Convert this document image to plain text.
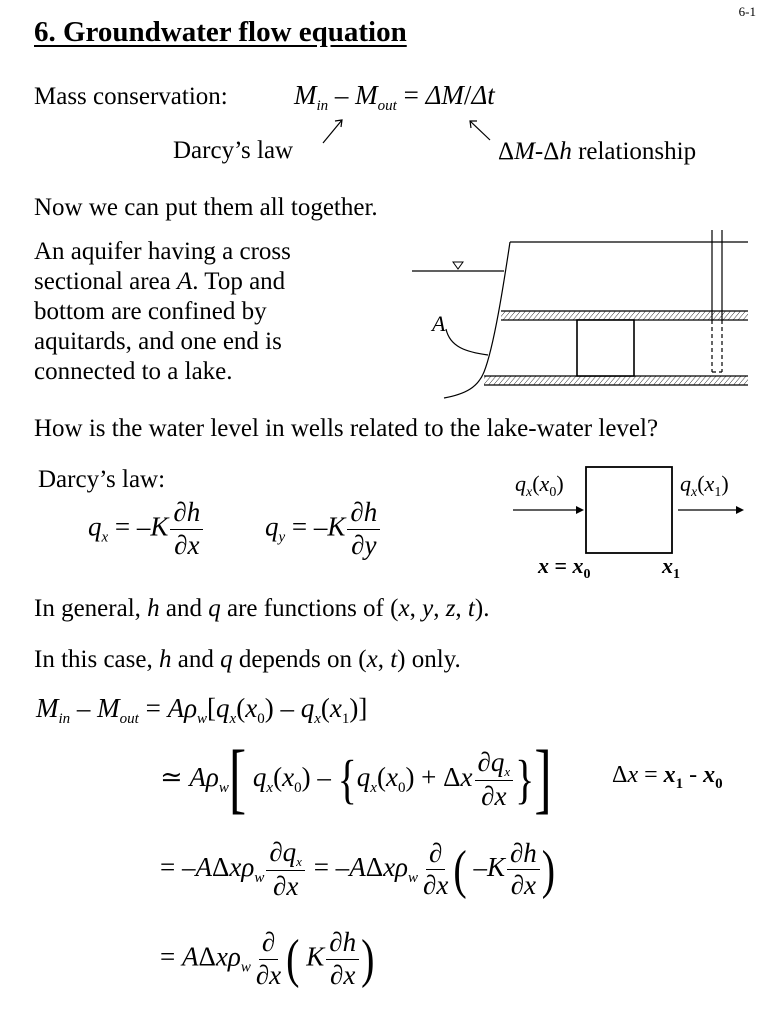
6-1
6. Groundwater flow equation
Mass conservation: $M_{in} - M_{out} = \Delta M/\Delta t$
Darcy’s law	ΔM-Δh relationship
Now we can put them all together.
An aquifer having a cross
sectional area A. Top and
bottom are confined by
aquitards, and one end is
connected to a lake.
A
How is the water level in wells related to the lake-water level?
Darcy’s law:
$q_x = -K \frac{\partial h}{\partial x} q_y = -K \frac{\partial h}{\partial y}$
$q_x(x_0)$	$q_x(x_1)$
$x = x_0$	$x_1$
In general, h and q are functions of (x, y, z, t).
In this case, h and q depends on (x, t) only.
$M_{in} - M_{out} = A\rho_w[q_x(x_0) - q_x(x_1)]$
≃ $A\rho_w$[ $q_x(x_0) - \{q_x(x_0) + \Delta x \frac{\partial qx}{\partial x}$ }]	$\Delta x = x_1 - x_0$
= $-A\Delta x\rho_w \frac{\partial qx}{\partial x} = -A\Delta x\rho_w \frac{\partial}{\partial x}$ ( $-K \frac{\partial h}{\partial x}$ )
= $A\Delta x\rho_w \frac{\partial}{\partial x}$ ( K $\frac{\partial h}{\partial x}$ )
